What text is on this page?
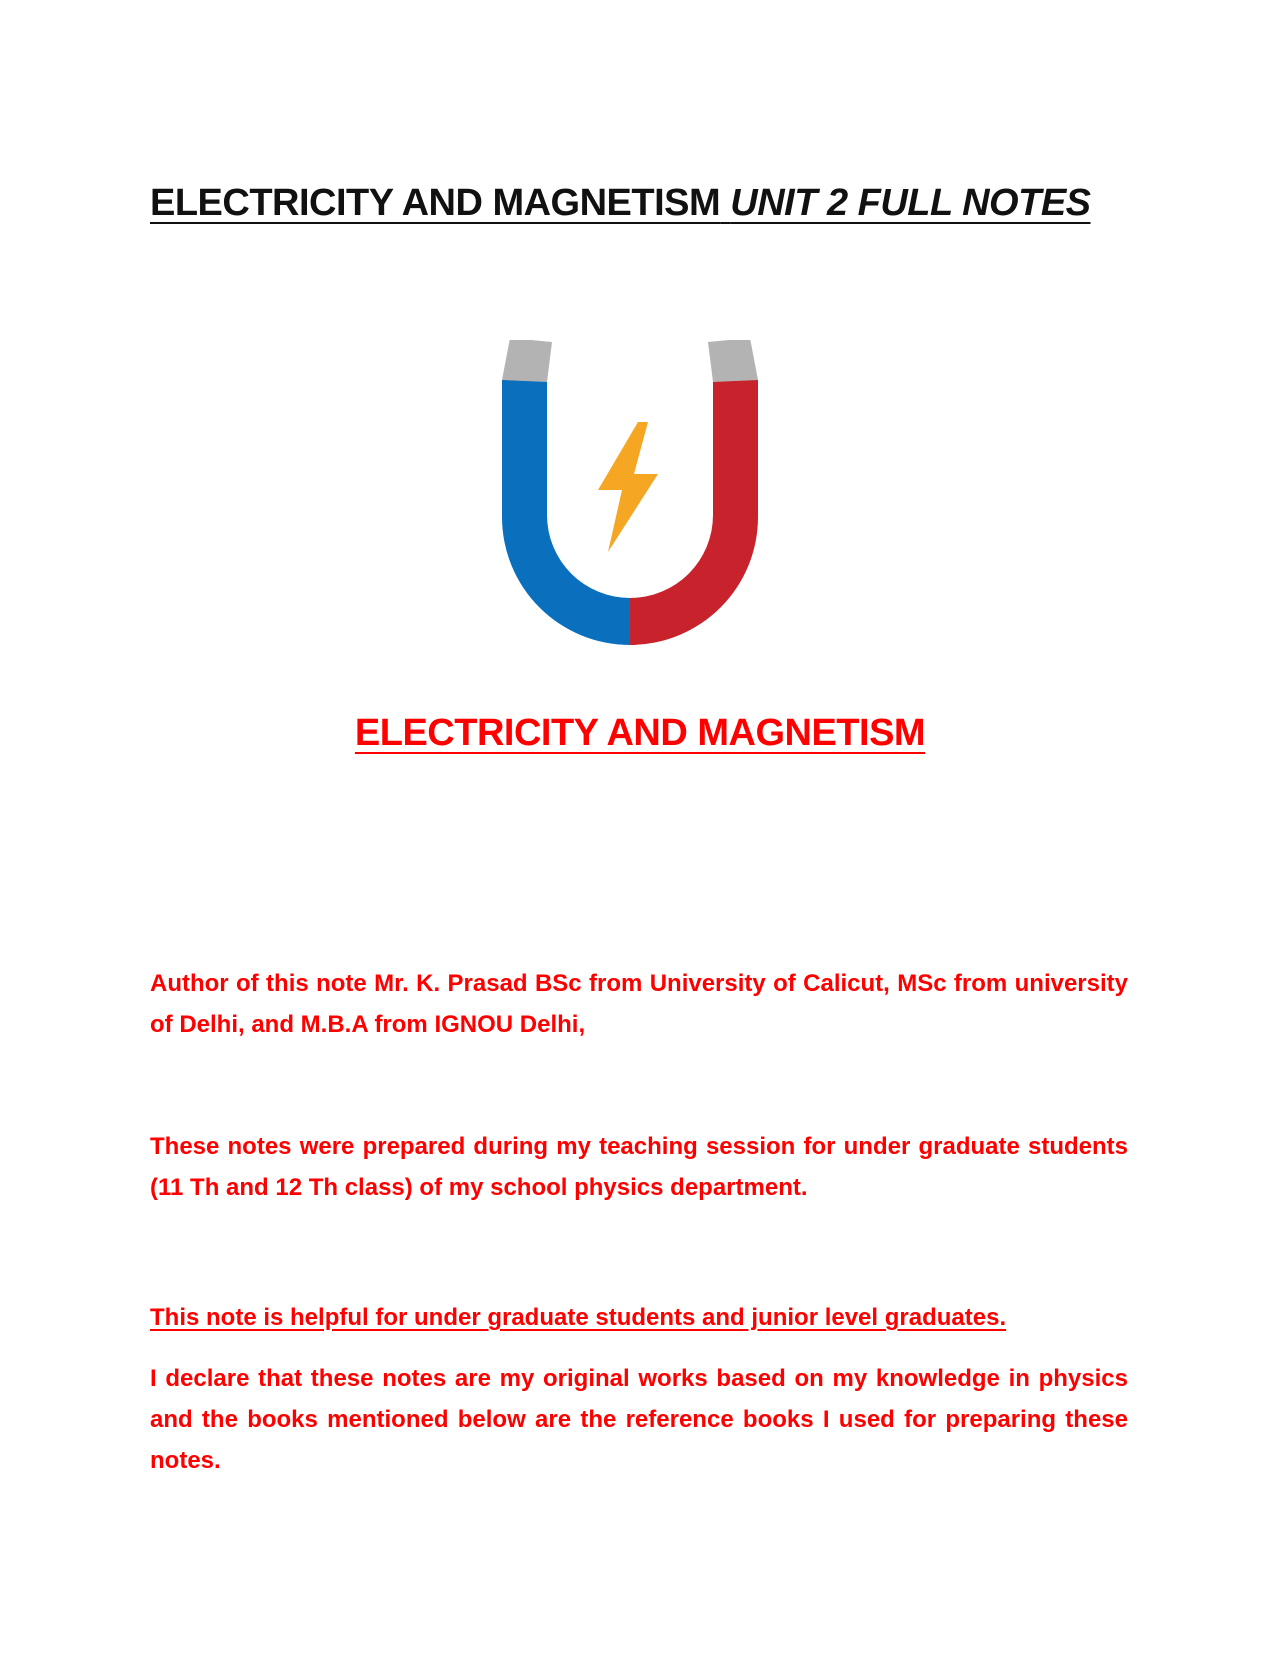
ELECTRICITY AND MAGNETISM UNIT 2 FULL NOTES
ELECTRICITY AND MAGNETISM

Author of this note Mr. K. Prasad BSc from University of Calicut, MSc from university of Delhi, and M.B.A from IGNOU Delhi,

These notes were prepared during my teaching session for under graduate students (11 Th and 12 Th class) of my school physics department.

This note is helpful for under graduate students and junior level graduates.

I declare that these notes are my original works based on my knowledge in physics and the books mentioned below are the reference books I used for preparing these notes.
